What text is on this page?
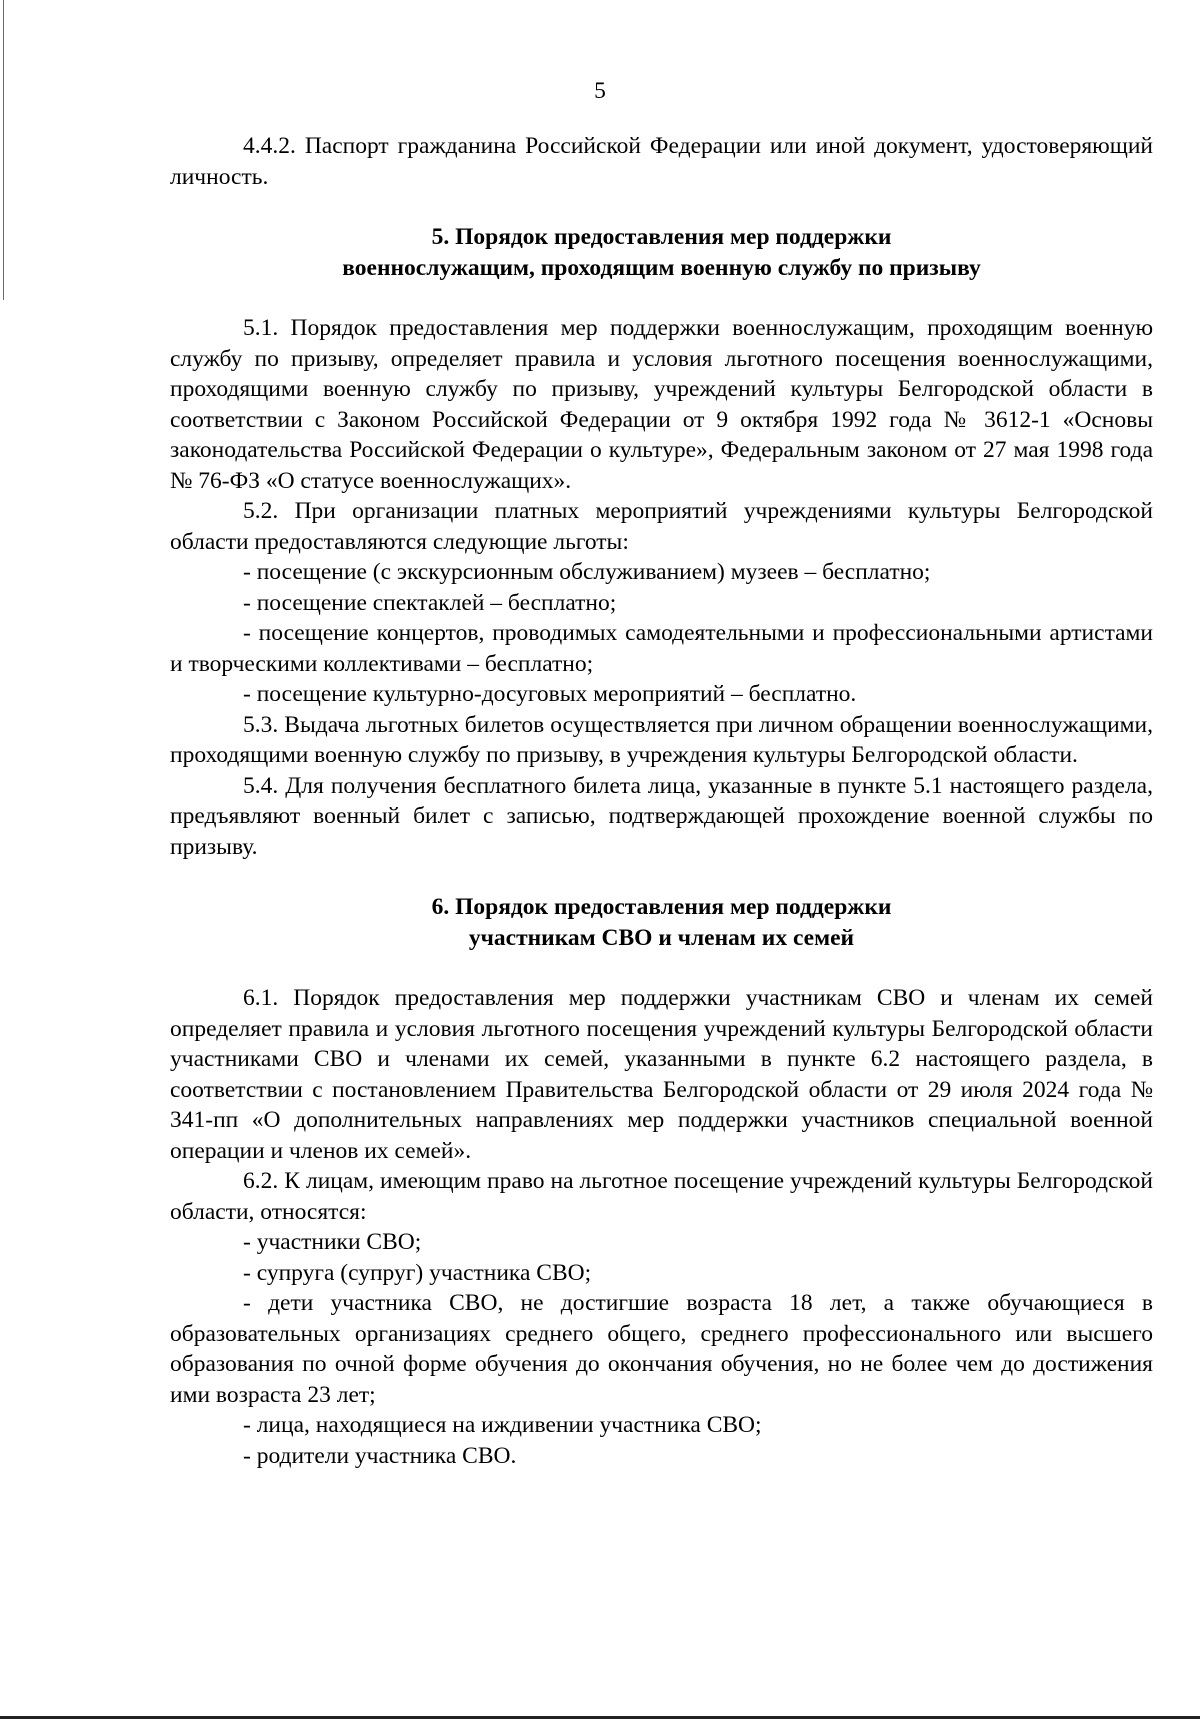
5

4.4.2. Паспорт гражданина Российской Федерации или иной документ, удостоверяющий личность.

5. Порядок предоставления мер поддержки

военнослужащим, проходящим военную службу по призыву

5.1. Порядок предоставления мер поддержки военнослужащим, проходящим военную службу по призыву, определяет правила и условия льготного посещения военнослужащими, проходящими военную службу по призыву, учреждений культуры Белгородской области в соответствии с Законом Российской Федерации от 9 октября 1992 года № 3612-1 «Основы законодательства Российской Федерации о культуре», Федеральным законом от 27 мая 1998 года № 76-ФЗ «О статусе военнослужащих».

5.2. При организации платных мероприятий учреждениями культуры Белгородской области предоставляются следующие льготы:

- посещение (с экскурсионным обслуживанием) музеев – бесплатно;

- посещение спектаклей – бесплатно;

- посещение концертов, проводимых самодеятельными и профессиональными артистами и творческими коллективами – бесплатно;

- посещение культурно-досуговых мероприятий – бесплатно.

5.3. Выдача льготных билетов осуществляется при личном обращении военнослужащими, проходящими военную службу по призыву, в учреждения культуры Белгородской области.

5.4. Для получения бесплатного билета лица, указанные в пункте 5.1 настоящего раздела, предъявляют военный билет с записью, подтверждающей прохождение военной службы по призыву.

6. Порядок предоставления мер поддержки

участникам СВО и членам их семей

6.1. Порядок предоставления мер поддержки участникам СВО и членам их семей определяет правила и условия льготного посещения учреждений культуры Белгородской области участниками СВО и членами их семей, указанными в пункте 6.2 настоящего раздела, в соответствии с постановлением Правительства Белгородской области от 29 июля 2024 года № 341-пп «О дополнительных направлениях мер поддержки участников специальной военной операции и членов их семей».

6.2. К лицам, имеющим право на льготное посещение учреждений культуры Белгородской области, относятся:

- участники СВО;

- супруга (супруг) участника СВО;

- дети участника СВО, не достигшие возраста 18 лет, а также обучающиеся в образовательных организациях среднего общего, среднего профессионального или высшего образования по очной форме обучения до окончания обучения, но не более чем до достижения ими возраста 23 лет;

- лица, находящиеся на иждивении участника СВО;

- родители участника СВО.
